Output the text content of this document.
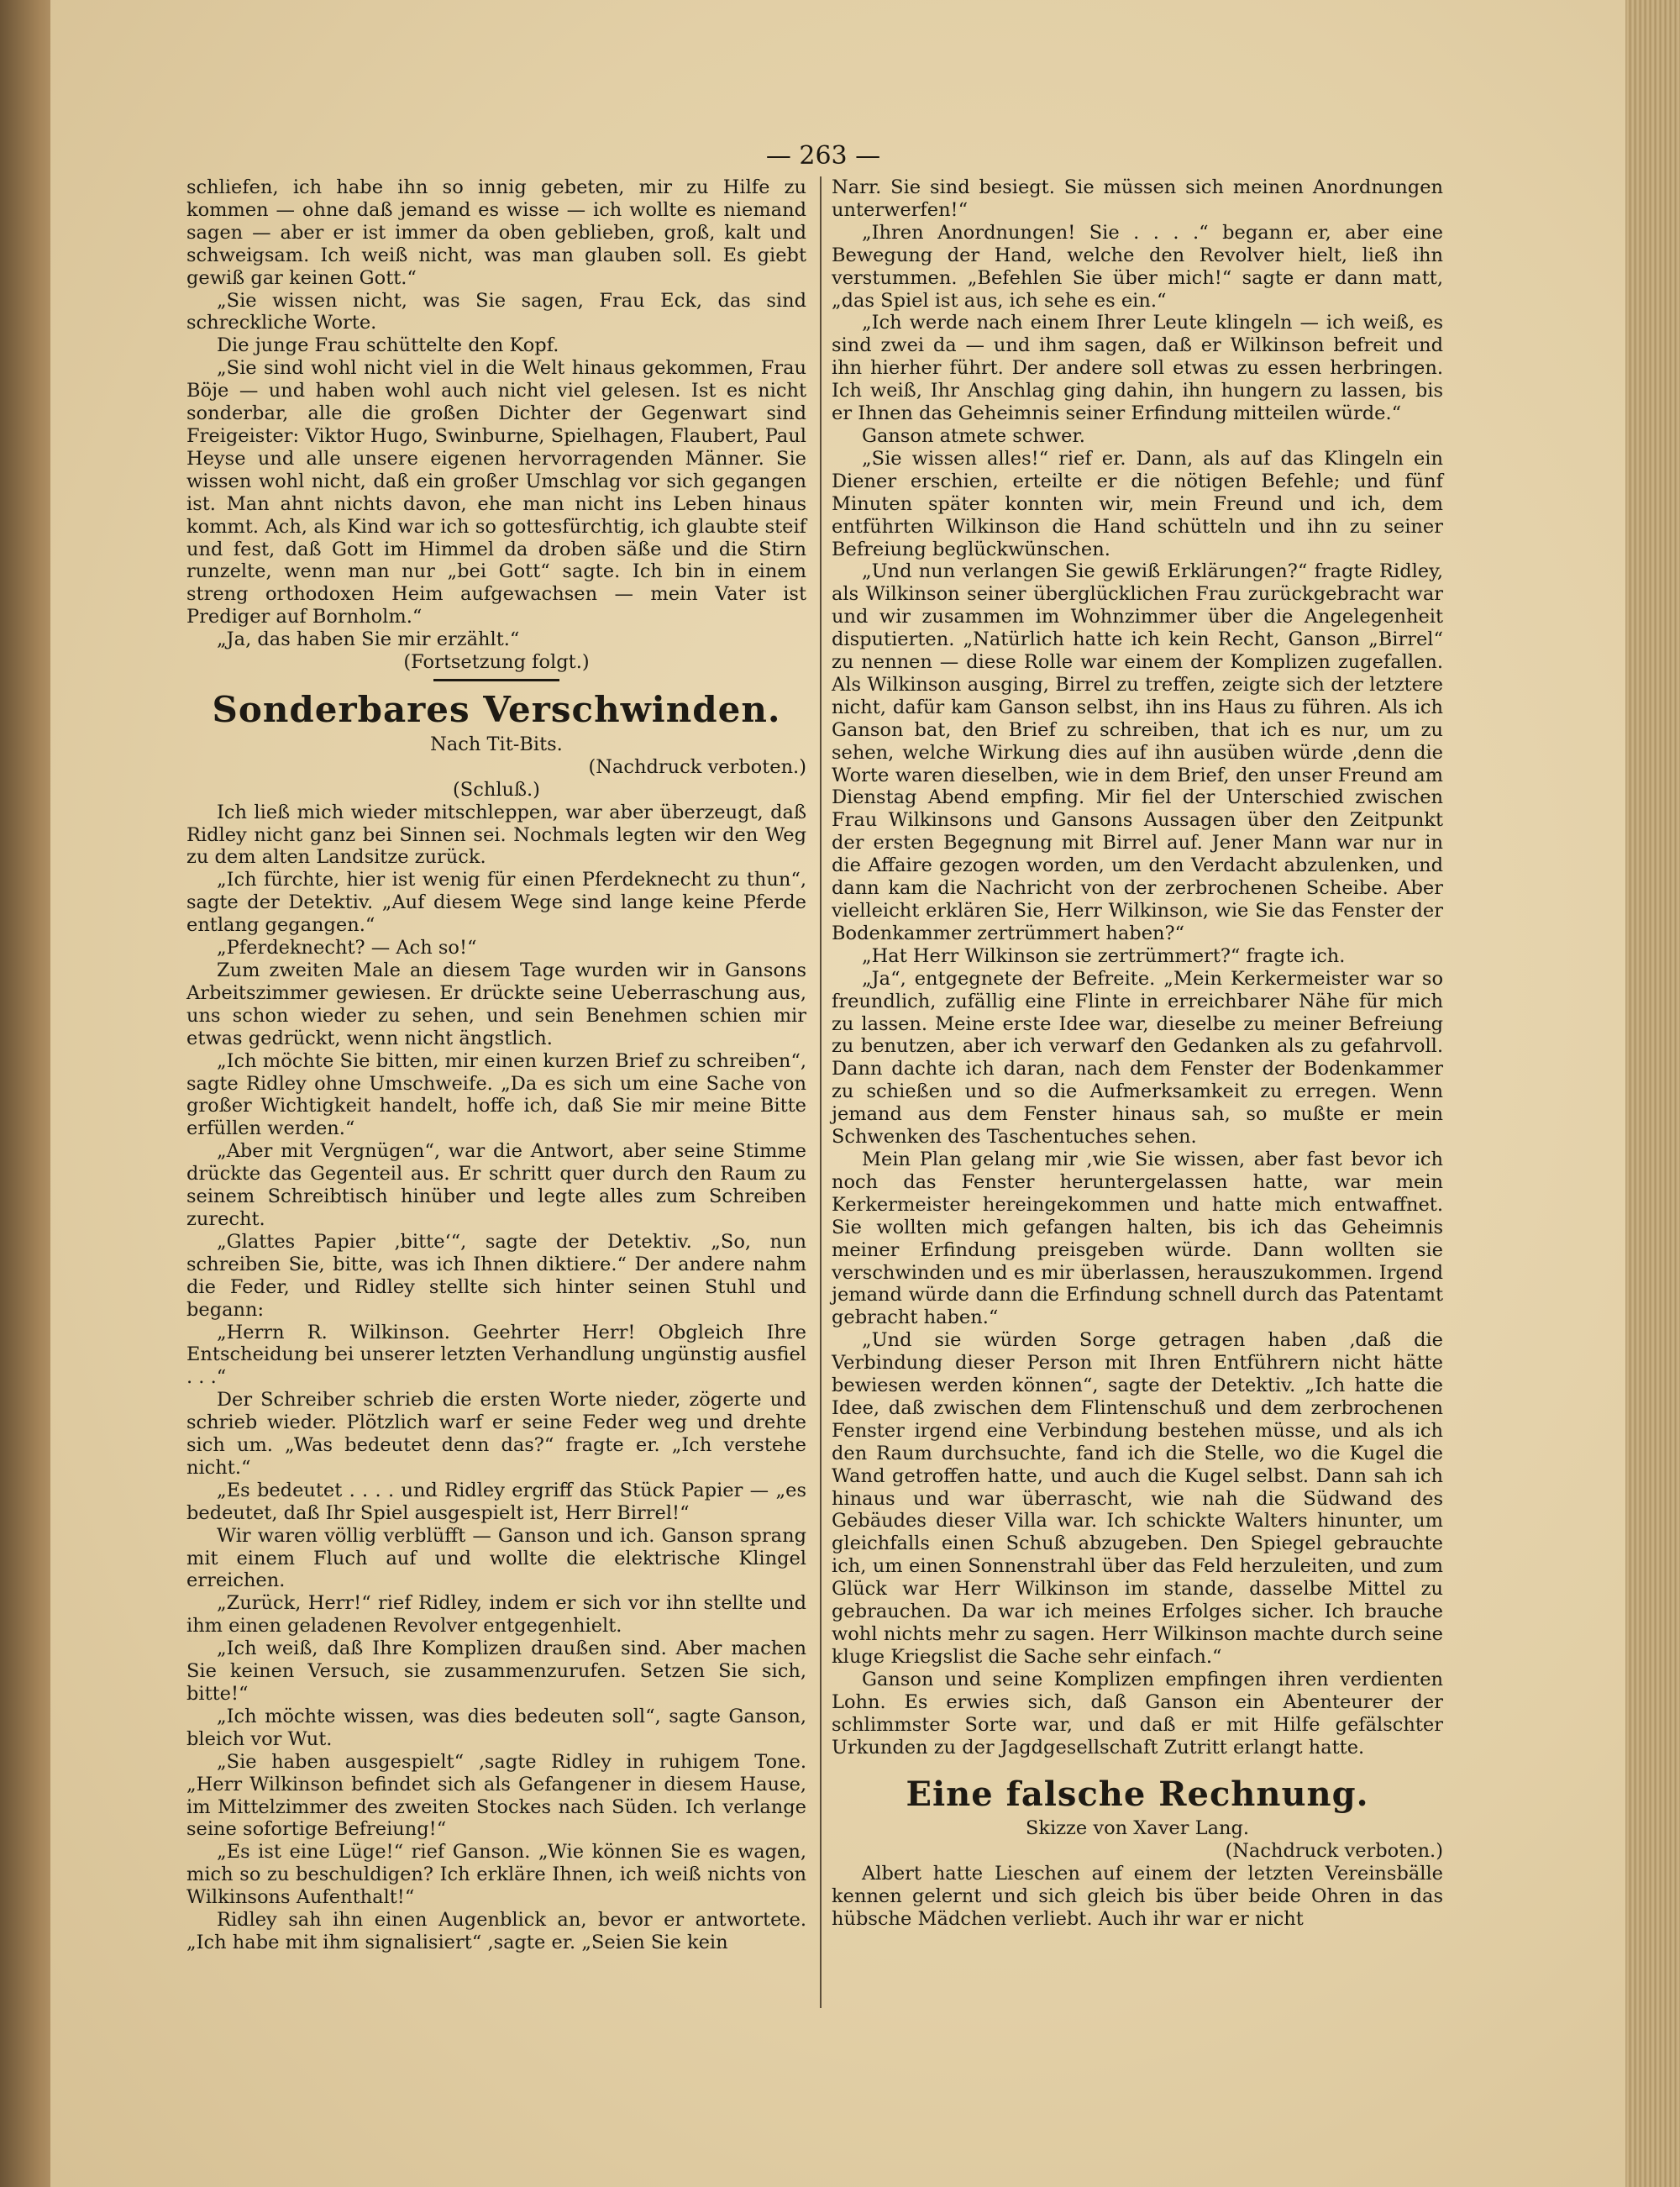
— 263 —

schliefen, ich habe ihn so innig gebeten, mir zu Hilfe zu kommen — ohne daß jemand es wisse — ich wollte es niemand sagen — aber er ist immer da oben geblieben, groß, kalt und schweigsam. Ich weiß nicht, was man glauben soll. Es giebt gewiß gar keinen Gott.“

„Sie wissen nicht, was Sie sagen, Frau Eck, das sind schreckliche Worte.

Die junge Frau schüttelte den Kopf.

„Sie sind wohl nicht viel in die Welt hinaus gekommen, Frau Böje — und haben wohl auch nicht viel gelesen. Ist es nicht sonderbar, alle die großen Dichter der Gegenwart sind Freigeister: Viktor Hugo, Swinburne, Spielhagen, Flaubert, Paul Heyse und alle unsere eigenen hervorragenden Männer. Sie wissen wohl nicht, daß ein großer Umschlag vor sich gegangen ist. Man ahnt nichts davon, ehe man nicht ins Leben hinaus kommt. Ach, als Kind war ich so gottesfürchtig, ich glaubte steif und fest, daß Gott im Himmel da droben säße und die Stirn runzelte, wenn man nur „bei Gott“ sagte. Ich bin in einem streng orthodoxen Heim aufgewachsen — mein Vater ist Prediger auf Bornholm.“

„Ja, das haben Sie mir erzählt.“

(Fortsetzung folgt.)

Sonderbares Verschwinden.

Nach Tit-Bits.

(Nachdruck verboten.)

(Schluß.)

Ich ließ mich wieder mitschleppen, war aber überzeugt, daß Ridley nicht ganz bei Sinnen sei. Nochmals legten wir den Weg zu dem alten Landsitze zurück.

„Ich fürchte, hier ist wenig für einen Pferdeknecht zu thun“, sagte der Detektiv. „Auf diesem Wege sind lange keine Pferde entlang gegangen.“

„Pferdeknecht? — Ach so!“

Zum zweiten Male an diesem Tage wurden wir in Gansons Arbeitszimmer gewiesen. Er drückte seine Ueberraschung aus, uns schon wieder zu sehen, und sein Benehmen schien mir etwas gedrückt, wenn nicht ängstlich.

„Ich möchte Sie bitten, mir einen kurzen Brief zu schreiben“, sagte Ridley ohne Umschweife. „Da es sich um eine Sache von großer Wichtigkeit handelt, hoffe ich, daß Sie mir meine Bitte erfüllen werden.“

„Aber mit Vergnügen“, war die Antwort, aber seine Stimme drückte das Gegenteil aus. Er schritt quer durch den Raum zu seinem Schreibtisch hinüber und legte alles zum Schreiben zurecht.

„Glattes Papier ‚bitte‘“, sagte der Detektiv. „So, nun schreiben Sie, bitte, was ich Ihnen diktiere.“ Der andere nahm die Feder, und Ridley stellte sich hinter seinen Stuhl und begann:

„Herrn R. Wilkinson. Geehrter Herr! Obgleich Ihre Entscheidung bei unserer letzten Verhandlung ungünstig ausfiel . . .“

Der Schreiber schrieb die ersten Worte nieder, zögerte und schrieb wieder. Plötzlich warf er seine Feder weg und drehte sich um. „Was bedeutet denn das?“ fragte er. „Ich verstehe nicht.“

„Es bedeutet . . . . und Ridley ergriff das Stück Papier — „es bedeutet, daß Ihr Spiel ausgespielt ist, Herr Birrel!“

Wir waren völlig verblüfft — Ganson und ich. Ganson sprang mit einem Fluch auf und wollte die elektrische Klingel erreichen.

„Zurück, Herr!“ rief Ridley, indem er sich vor ihn stellte und ihm einen geladenen Revolver entgegenhielt.

„Ich weiß, daß Ihre Komplizen draußen sind. Aber machen Sie keinen Versuch, sie zusammenzurufen. Setzen Sie sich, bitte!“

„Ich möchte wissen, was dies bedeuten soll“, sagte Ganson, bleich vor Wut.

„Sie haben ausgespielt“ ‚sagte Ridley in ruhigem Tone. „Herr Wilkinson befindet sich als Gefangener in diesem Hause, im Mittelzimmer des zweiten Stockes nach Süden. Ich verlange seine sofortige Befreiung!“

„Es ist eine Lüge!“ rief Ganson. „Wie können Sie es wagen, mich so zu beschuldigen? Ich erkläre Ihnen, ich weiß nichts von Wilkinsons Aufenthalt!“

Ridley sah ihn einen Augenblick an, bevor er antwortete. „Ich habe mit ihm signalisiert“ ‚sagte er. „Seien Sie kein

Narr. Sie sind besiegt. Sie müssen sich meinen Anordnungen unterwerfen!“

„Ihren Anordnungen! Sie . . . .“ begann er, aber eine Bewegung der Hand, welche den Revolver hielt, ließ ihn verstummen. „Befehlen Sie über mich!“ sagte er dann matt, „das Spiel ist aus, ich sehe es ein.“

„Ich werde nach einem Ihrer Leute klingeln — ich weiß, es sind zwei da — und ihm sagen, daß er Wilkinson befreit und ihn hierher führt. Der andere soll etwas zu essen herbringen. Ich weiß, Ihr Anschlag ging dahin, ihn hungern zu lassen, bis er Ihnen das Geheimnis seiner Erfindung mitteilen würde.“

Ganson atmete schwer.

„Sie wissen alles!“ rief er. Dann, als auf das Klingeln ein Diener erschien, erteilte er die nötigen Befehle; und fünf Minuten später konnten wir, mein Freund und ich, dem entführten Wilkinson die Hand schütteln und ihn zu seiner Befreiung beglückwünschen.

„Und nun verlangen Sie gewiß Erklärungen?“ fragte Ridley, als Wilkinson seiner überglücklichen Frau zurückgebracht war und wir zusammen im Wohnzimmer über die Angelegenheit disputierten. „Natürlich hatte ich kein Recht, Ganson „Birrel“ zu nennen — diese Rolle war einem der Komplizen zugefallen. Als Wilkinson ausging, Birrel zu treffen, zeigte sich der letztere nicht, dafür kam Ganson selbst, ihn ins Haus zu führen. Als ich Ganson bat, den Brief zu schreiben, that ich es nur, um zu sehen, welche Wirkung dies auf ihn ausüben würde ‚denn die Worte waren dieselben, wie in dem Brief, den unser Freund am Dienstag Abend empfing. Mir fiel der Unterschied zwischen Frau Wilkinsons und Gansons Aussagen über den Zeitpunkt der ersten Begegnung mit Birrel auf. Jener Mann war nur in die Affaire gezogen worden, um den Verdacht abzulenken, und dann kam die Nachricht von der zerbrochenen Scheibe. Aber vielleicht erklären Sie, Herr Wilkinson, wie Sie das Fenster der Bodenkammer zertrümmert haben?“

„Hat Herr Wilkinson sie zertrümmert?“ fragte ich.

„Ja“, entgegnete der Befreite. „Mein Kerkermeister war so freundlich, zufällig eine Flinte in erreichbarer Nähe für mich zu lassen. Meine erste Idee war, dieselbe zu meiner Befreiung zu benutzen, aber ich verwarf den Gedanken als zu gefahrvoll. Dann dachte ich daran, nach dem Fenster der Bodenkammer zu schießen und so die Aufmerksamkeit zu erregen. Wenn jemand aus dem Fenster hinaus sah, so mußte er mein Schwenken des Taschentuches sehen.

Mein Plan gelang mir ‚wie Sie wissen, aber fast bevor ich noch das Fenster heruntergelassen hatte, war mein Kerkermeister hereingekommen und hatte mich entwaffnet. Sie wollten mich gefangen halten, bis ich das Geheimnis meiner Erfindung preisgeben würde. Dann wollten sie verschwinden und es mir überlassen, herauszukommen. Irgend jemand würde dann die Erfindung schnell durch das Patentamt gebracht haben.“

„Und sie würden Sorge getragen haben ‚daß die Verbindung dieser Person mit Ihren Entführern nicht hätte bewiesen werden können“, sagte der Detektiv. „Ich hatte die Idee, daß zwischen dem Flintenschuß und dem zerbrochenen Fenster irgend eine Verbindung bestehen müsse, und als ich den Raum durchsuchte, fand ich die Stelle, wo die Kugel die Wand getroffen hatte, und auch die Kugel selbst. Dann sah ich hinaus und war überrascht, wie nah die Südwand des Gebäudes dieser Villa war. Ich schickte Walters hinunter, um gleichfalls einen Schuß abzugeben. Den Spiegel gebrauchte ich, um einen Sonnenstrahl über das Feld herzuleiten, und zum Glück war Herr Wilkinson im stande, dasselbe Mittel zu gebrauchen. Da war ich meines Erfolges sicher. Ich brauche wohl nichts mehr zu sagen. Herr Wilkinson machte durch seine kluge Kriegslist die Sache sehr einfach.“

Ganson und seine Komplizen empfingen ihren verdienten Lohn. Es erwies sich, daß Ganson ein Abenteurer der schlimmster Sorte war, und daß er mit Hilfe gefälschter Urkunden zu der Jagdgesellschaft Zutritt erlangt hatte.

Eine falsche Rechnung.

Skizze von Xaver Lang.

(Nachdruck verboten.)

Albert hatte Lieschen auf einem der letzten Vereinsbälle kennen gelernt und sich gleich bis über beide Ohren in das hübsche Mädchen verliebt. Auch ihr war er nicht
